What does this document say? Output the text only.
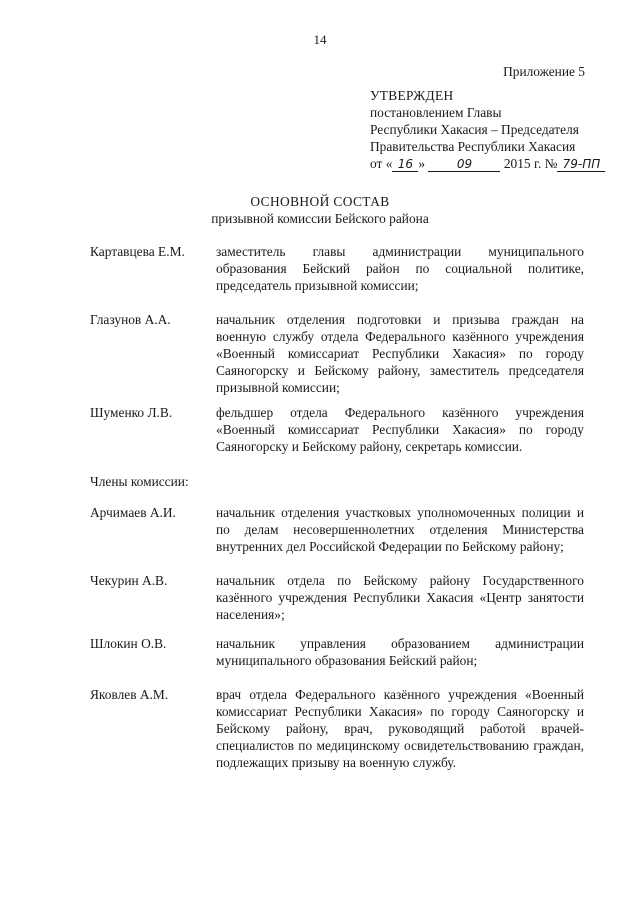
14
Приложение 5
УТВЕРЖДЕН
постановлением Главы
Республики Хакасия – Председателя
Правительства Республики Хакасия
от « 16 »	09 2015 г. № 79-ПП
ОСНОВНОЙ СОСТАВ
призывной комиссии Бейского района
Картавцева Е.М. заместитель главы администрации муниципального образования Бейский район по социальной политике, председатель призывной комиссии;
Глазунов А.А.	начальник отделения подготовки и призыва граждан на военную службу отдела Федерального казённого учреждения «Военный комиссариат Республики Хакасия» по городу Саяногорску и Бейскому району, заместитель председателя призывной комиссии;
Шуменко Л.В.	фельдшер отдела Федерального казённого учреждения «Военный комиссариат Республики Хакасия» по городу Саяногорску и Бейскому району, секретарь комиссии.
Члены комиссии:
Арчимаев А.И.	начальник отделения участковых уполномоченных полиции и по делам несовершеннолетних отделения Министерства внутренних дел Российской Федерации по Бейскому району;
Чекурин А.В.	начальник отдела по Бейскому району Государственного казённого учреждения Республики Хакасия «Центр занятости населения»;
Шлокин О.В.	начальник управления образованием администрации муниципального образования Бейский район;
Яковлев А.М.	врач отдела Федерального казённого учреждения «Военный комиссариат Республики Хакасия» по городу Саяногорску и Бейскому району, врач, руководящий работой врачей-специалистов по медицинскому освидетельствованию граждан, подлежащих призыву на военную службу.
